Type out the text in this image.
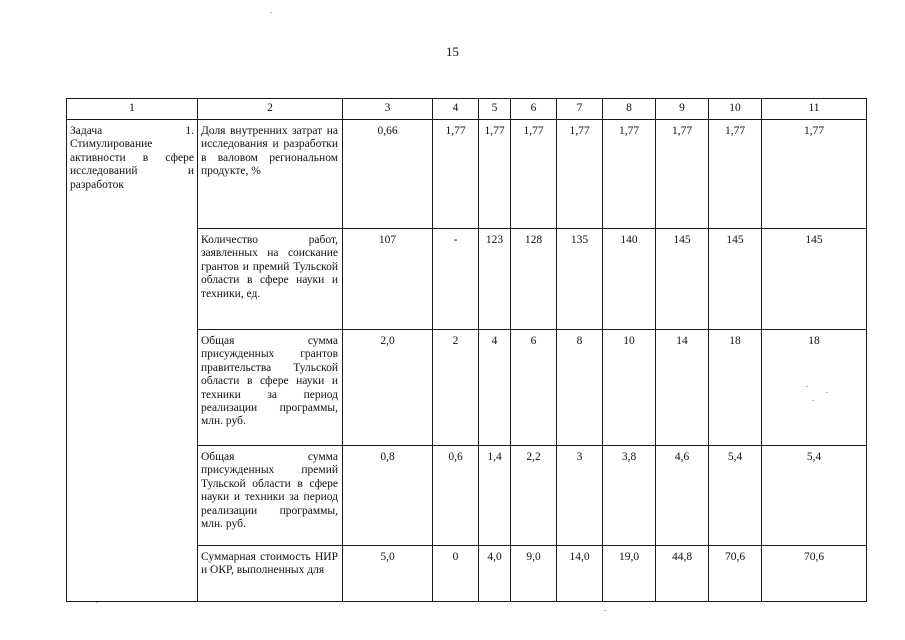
15
1	2	3	4	5	6	7	8	9	10	11
Задача 1. Стимулирование активности в сфере исследований и разработок	Доля внутренних затрат на исследования и разработки в валовом региональном продукте, %	0,66	1,77	1,77	1,77	1,77	1,77	1,77	1,77	1,77
	Количество работ, заявленных на соискание грантов и премий Тульской области в сфере науки и техники, ед.	107	-	123	128	135	140	145	145	145
	Общая сумма присужденных грантов правительства Тульской области в сфере науки и техники за период реализации программы, млн. руб.	2,0	2	4	6	8	10	14	18	18
	Общая сумма присужденных премий Тульской области в сфере науки и техники за период реализации программы, млн. руб.	0,8	0,6	1,4	2,2	3	3,8	4,6	5,4	5,4
	Суммарная стоимость НИР и ОКР, выполненных для	5,0	0	4,0	9,0	14,0	19,0	44,8	70,6	70,6
